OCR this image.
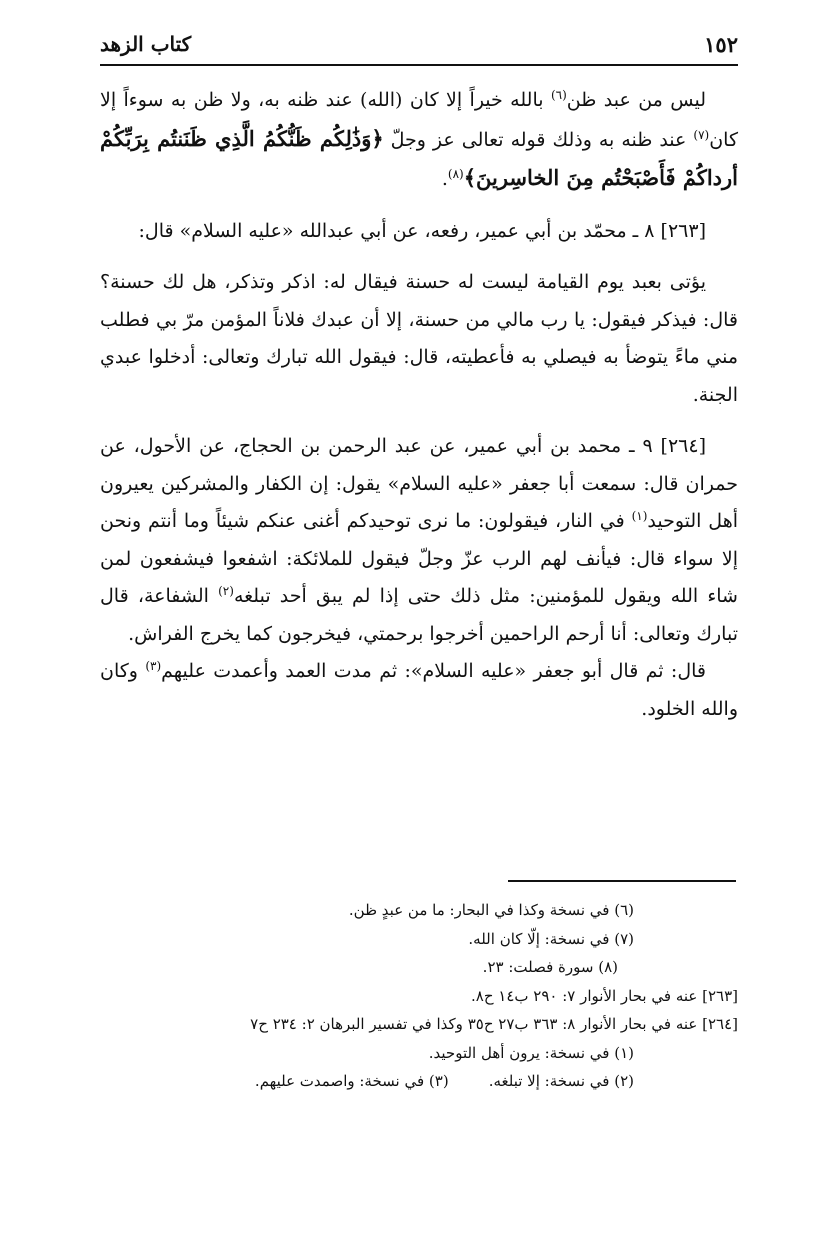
١٥٢
كتاب الزهد

ليس من عبد ظن$^{(٦)}$ بالله خيراً إلا كان (الله) عند ظنه به، ولا ظن به سوءاً إلا كان$^{(٧)}$ عند ظنه به وذلك قوله تعالى عز وجلّ ﴿وَذَٰلِكُم ظَنُّكُمُ الَّذِي ظَنَنتُم بِرَبِّكُمْ أرداكُمْ فَأَصْبَحْتُم مِنَ الخاسِرينَ﴾$^{(٨)}$.

[٢٦٣] ٨ ـ محمّد بن أبي عمير، رفعه، عن أبي عبدالله «عليه السلام» قال:

يؤتى بعبد يوم القيامة ليست له حسنة فيقال له: اذكر وتذكر، هل لك حسنة؟ قال: فيذكر فيقول: يا رب مالي من حسنة، إلا أن عبدك فلاناً المؤمن مرّ بي فطلب مني ماءً يتوضأ به فيصلي به فأعطيته، قال: فيقول الله تبارك وتعالى: أدخلوا عبدي الجنة.

[٢٦٤] ٩ ـ محمد بن أبي عمير، عن عبد الرحمن بن الحجاج، عن الأحول، عن حمران قال: سمعت أبا جعفر «عليه السلام» يقول: إن الكفار والمشركين يعيرون أهل التوحيد$^{(١)}$ في النار، فيقولون: ما نرى توحيدكم أغنى عنكم شيئاً وما أنتم ونحن إلا سواء قال: فيأنف لهم الرب عزّ وجلّ فيقول للملائكة: اشفعوا فيشفعون لمن شاء الله ويقول للمؤمنين: مثل ذلك حتى إذا لم يبق أحد تبلغه$^{(٢)}$ الشفاعة، قال تبارك وتعالى: أنا أرحم الراحمين أخرجوا برحمتي، فيخرجون كما يخرج الفراش.

قال: ثم قال أبو جعفر «عليه السلام»: ثم مدت العمد وأعمدت عليهم$^{(٣)}$ وكان والله الخلود.

(٦) في نسخة وكذا في البحار: ما من عبدٍ ظن.
(٧) في نسخة: إلّا كان الله.
(٨) سورة فصلت: ٢٣.
[٢٦٣] عنه في بحار الأنوار ٧: ٢٩٠ ب١٤ ح٨.
[٢٦٤] عنه في بحار الأنوار ٨: ٣٦٣ ب٢٧ ح٣٥ وكذا في تفسير البرهان ٢: ٢٣٤ ح٧
(١) في نسخة: يرون أهل التوحيد.
(٢) في نسخة: إلا تبلغه.(٣) في نسخة: واصمدت عليهم.
